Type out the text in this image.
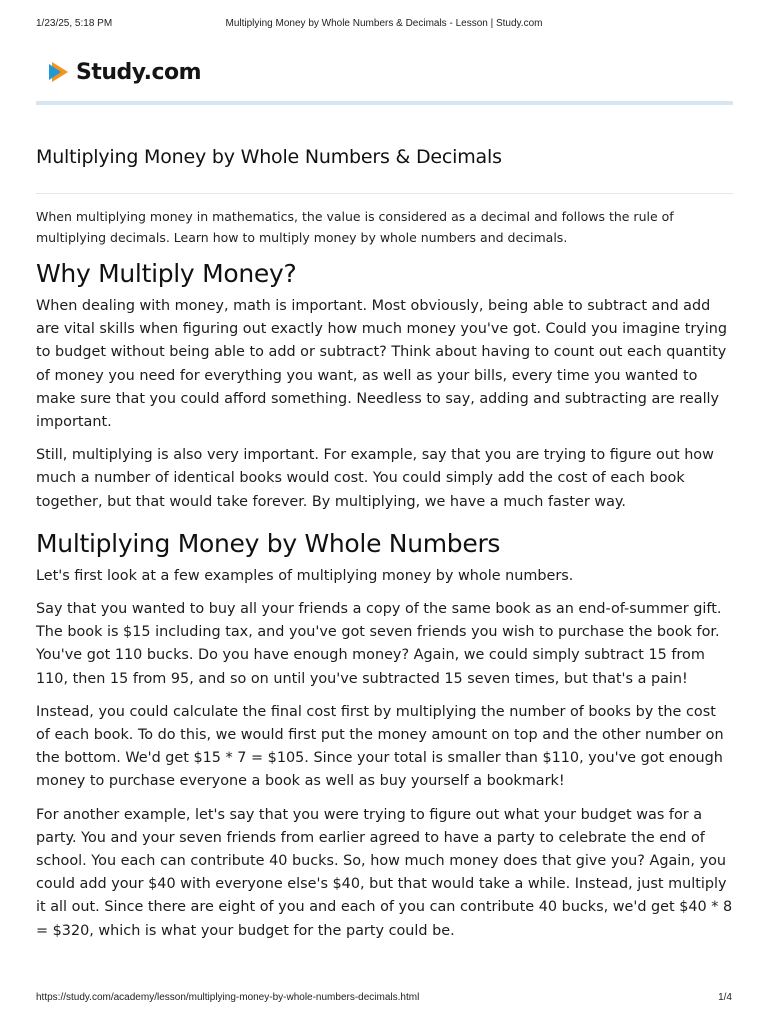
1/23/25, 5:18 PM	Multiplying Money by Whole Numbers & Decimals - Lesson | Study.com
Study.com
Multiplying Money by Whole Numbers & Decimals

When multiplying money in mathematics, the value is considered as a decimal and follows the rule of multiplying decimals. Learn how to multiply money by whole numbers and decimals.

Why Multiply Money?

When dealing with money, math is important. Most obviously, being able to subtract and add are vital skills when figuring out exactly how much money you've got. Could you imagine trying to budget without being able to add or subtract? Think about having to count out each quantity of money you need for everything you want, as well as your bills, every time you wanted to make sure that you could afford something. Needless to say, adding and subtracting are really important.

Still, multiplying is also very important. For example, say that you are trying to figure out how much a number of identical books would cost. You could simply add the cost of each book together, but that would take forever. By multiplying, we have a much faster way.

Multiplying Money by Whole Numbers

Let's first look at a few examples of multiplying money by whole numbers.

Say that you wanted to buy all your friends a copy of the same book as an end-of-summer gift. The book is $15 including tax, and you've got seven friends you wish to purchase the book for. You've got 110 bucks. Do you have enough money? Again, we could simply subtract 15 from 110, then 15 from 95, and so on until you've subtracted 15 seven times, but that's a pain!

Instead, you could calculate the final cost first by multiplying the number of books by the cost of each book. To do this, we would first put the money amount on top and the other number on the bottom. We'd get $15 * 7 = $105. Since your total is smaller than $110, you've got enough money to purchase everyone a book as well as buy yourself a bookmark!

For another example, let's say that you were trying to figure out what your budget was for a party. You and your seven friends from earlier agreed to have a party to celebrate the end of school. You each can contribute 40 bucks. So, how much money does that give you? Again, you could add your $40 with everyone else's $40, but that would take a while. Instead, just multiply it all out. Since there are eight of you and each of you can contribute 40 bucks, we'd get $40 * 8 = $320, which is what your budget for the party could be.

https://study.com/academy/lesson/multiplying-money-by-whole-numbers-decimals.html	1/4
